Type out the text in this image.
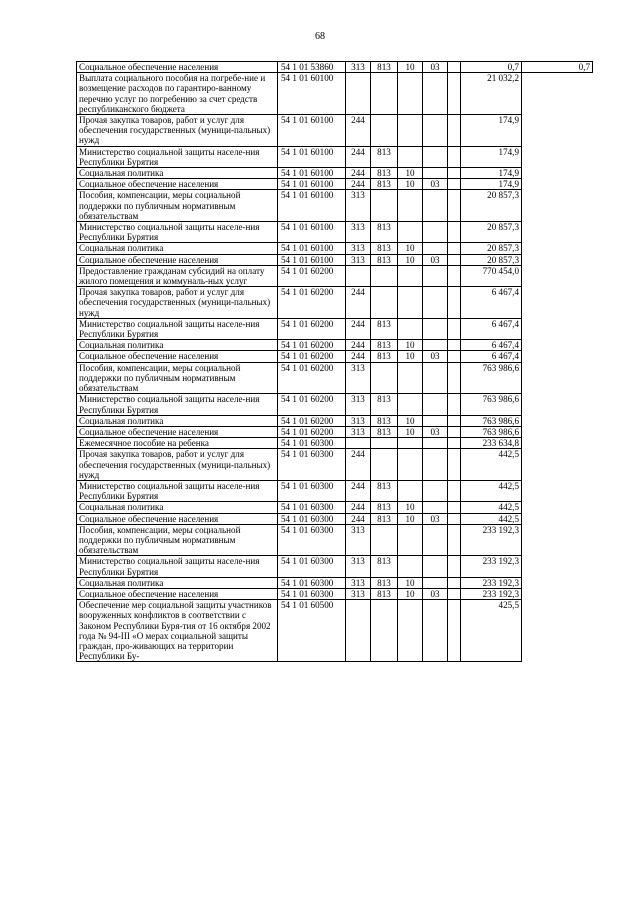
68
Социальное обеспечение населения	54 1 01 53860	313	813	10	03		0,7	0,7
Выплата социального пособия на погребе-ние и возмещение расходов по гарантиро-ванному перечню услуг по погребению за счет средств республиканского бюджета	54 1 01 60100						21 032,2	
Прочая закупка товаров, работ и услуг для обеспечения государственных (муници-пальных) нужд	54 1 01 60100	244					174,9	
Министерство социальной защиты населе-ния Республики Бурятия	54 1 01 60100	244	813				174,9	
Социальная политика	54 1 01 60100	244	813	10			174,9	
Социальное обеспечение населения	54 1 01 60100	244	813	10	03		174,9	
Пособия, компенсации, меры социальной поддержки по публичным нормативным обязательствам	54 1 01 60100	313					20 857,3	
Министерство социальной защиты населе-ния Республики Бурятия	54 1 01 60100	313	813				20 857,3	
Социальная политика	54 1 01 60100	313	813	10			20 857,3	
Социальное обеспечение населения	54 1 01 60100	313	813	10	03		20 857,3	
Предоставление гражданам субсидий на оплату жилого помещения и коммуналь-ных услуг	54 1 01 60200						770 454,0	
Прочая закупка товаров, работ и услуг для обеспечения государственных (муници-пальных) нужд	54 1 01 60200	244					6 467,4	
Министерство социальной защиты населе-ния Республики Бурятия	54 1 01 60200	244	813				6 467,4	
Социальная политика	54 1 01 60200	244	813	10			6 467,4	
Социальное обеспечение населения	54 1 01 60200	244	813	10	03		6 467,4	
Пособия, компенсации, меры социальной поддержки по публичным нормативным обязательствам	54 1 01 60200	313					763 986,6	
Министерство социальной защиты населе-ния Республики Бурятия	54 1 01 60200	313	813				763 986,6	
Социальная политика	54 1 01 60200	313	813	10			763 986,6	
Социальное обеспечение населения	54 1 01 60200	313	813	10	03		763 986,6	
Ежемесячное пособие на ребенка	54 1 01 60300						233 634,8	
Прочая закупка товаров, работ и услуг для обеспечения государственных (муници-пальных) нужд	54 1 01 60300	244					442,5	
Министерство социальной защиты населе-ния Республики Бурятия	54 1 01 60300	244	813				442,5	
Социальная политика	54 1 01 60300	244	813	10			442,5	
Социальное обеспечение населения	54 1 01 60300	244	813	10	03		442,5	
Пособия, компенсации, меры социальной поддержки по публичным нормативным обязательствам	54 1 01 60300	313					233 192,3	
Министерство социальной защиты населе-ния Республики Бурятия	54 1 01 60300	313	813				233 192,3	
Социальная политика	54 1 01 60300	313	813	10			233 192,3	
Социальное обеспечение населения	54 1 01 60300	313	813	10	03		233 192,3	
Обеспечение мер социальной защиты участников вооруженных конфликтов в соответствии с Законом Республики Буря-тия от 16 октября 2002 года № 94-III «О мерах социальной защиты граждан, про-живающих на территории Республики Бу-	54 1 01 60500						425,5	
